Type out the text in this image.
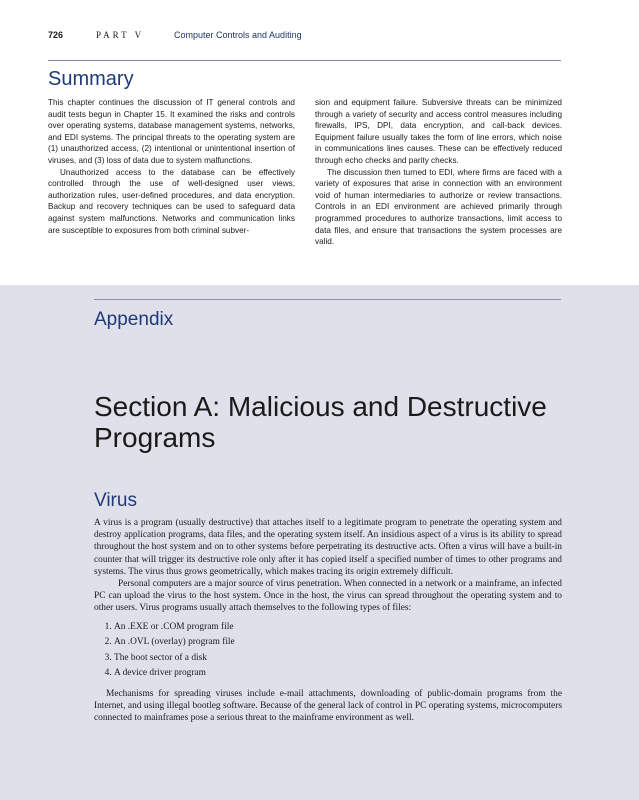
726	PART V	Computer Controls and Auditing
Summary

This chapter continues the discussion of IT general controls and audit tests begun in Chapter 15. It examined the risks and controls over operating systems, database management systems, networks, and EDI systems. The principal threats to the operating system are (1) unauthorized access, (2) intentional or unintentional insertion of viruses, and (3) loss of data due to system malfunctions.

Unauthorized access to the database can be effectively controlled through the use of well-designed user views, authorization rules, user-defined procedures, and data encryption. Backup and recovery techniques can be used to safeguard data against system malfunctions. Networks and communication links are susceptible to exposures from both criminal subver-

sion and equipment failure. Subversive threats can be minimized through a variety of security and access control measures including firewalls, IPS, DPI, data encryption, and call-back devices. Equipment failure usually takes the form of line errors, which noise in communications lines causes. These can be effectively reduced through echo checks and parity checks.

The discussion then turned to EDI, where firms are faced with a variety of exposures that arise in connection with an environment void of human intermediaries to authorize or review transactions. Controls in an EDI environment are achieved primarily through programmed procedures to authorize transactions, limit access to data files, and ensure that transactions the system processes are valid.

Appendix
Section A: Malicious and Destructive Programs
Virus

A virus is a program (usually destructive) that attaches itself to a legitimate program to penetrate the operating system and destroy application programs, data files, and the operating system itself. An insidious aspect of a virus is its ability to spread throughout the host system and on to other systems before perpetrating its destructive acts. Often a virus will have a built-in counter that will trigger its destructive role only after it has copied itself a specified number of times to other programs and systems. The virus thus grows geometrically, which makes tracing its origin extremely difficult.

Personal computers are a major source of virus penetration. When connected in a network or a mainframe, an infected PC can upload the virus to the host system. Once in the host, the virus can spread throughout the operating system and to other users. Virus programs usually attach themselves to the following types of files:

1. An .EXE or .COM program file
2. An .OVL (overlay) program file
3. The boot sector of a disk
4. A device driver program

Mechanisms for spreading viruses include e-mail attachments, downloading of public-domain programs from the Internet, and using illegal bootleg software. Because of the general lack of control in PC operating systems, microcomputers connected to mainframes pose a serious threat to the mainframe environment as well.
